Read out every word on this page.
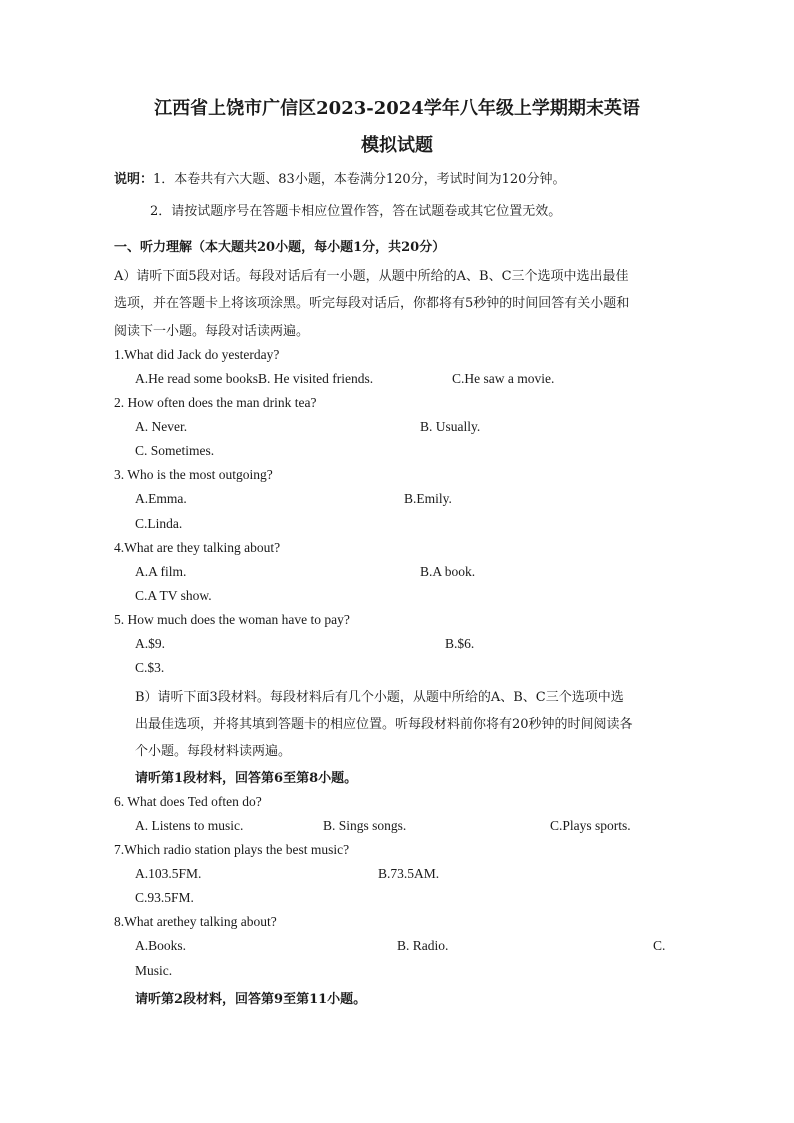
江西省上饶市广信区2023-2024学年八年级上学期期末英语
模拟试题
说明：1．本卷共有六大题、83小题，本卷满分120分，考试时间为120分钟。
2．请按试题序号在答题卡相应位置作答，答在试题卷或其它位置无效。
一、听力理解（本大题共20小题，每小题1分，共20分）
A）请听下面5段对话。每段对话后有一小题，从题中所给的A、B、C三个选项中选出最佳
选项，并在答题卡上将该项涂黑。听完每段对话后，你都将有5秒钟的时间回答有关小题和
阅读下一小题。每段对话读两遍。
1.What did Jack do yesterday?
A.He read some books.
B. He visited friends.	C.He saw a movie.
2. How often does the man drink tea?
A. Never.	B. Usually.
C. Sometimes.
3. Who is the most outgoing?
A.Emma.	B.Emily.
C.Linda.
4.What are they talking about?
A.A film.	B.A book.
C.A TV show.
5. How much does the woman have to pay?
A.$9.	B.$6.
C.$3.
B）请听下面3段材料。每段材料后有几个小题，从题中所给的A、B、C三个选项中选
出最佳选项，并将其填到答题卡的相应位置。听每段材料前你将有20秒钟的时间阅读各
个小题。每段材料读两遍。
请听第1段材料，回答第6至第8小题。
6. What does Ted often do?
A. Listens to music.	B. Sings songs.	C.Plays sports.
7.Which radio station plays the best music?
A.103.5FM.	B.73.5AM.
C.93.5FM.
8.What arethey talking about?
A.Books.	B. Radio.	C.
Music.
请听第2段材料，回答第9至第11小题。
